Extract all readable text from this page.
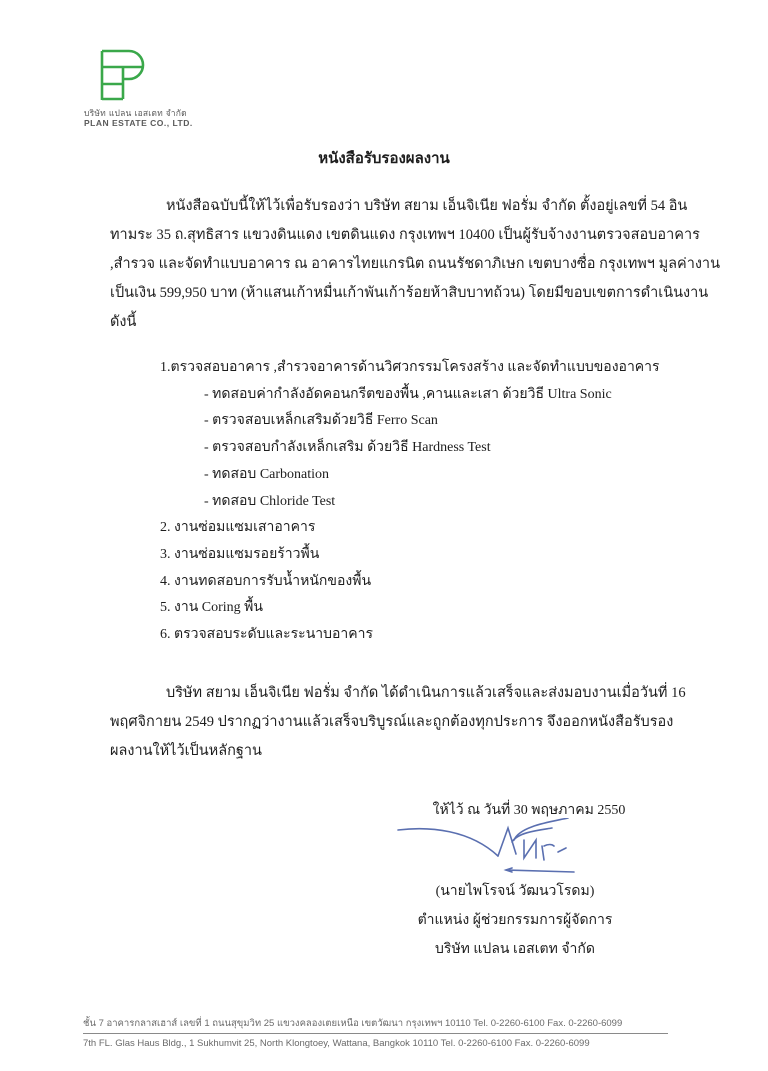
บริษัท แปลน เอสเตท จำกัด
PLAN ESTATE CO., LTD.
หนังสือรับรองผลงาน
หนังสือฉบับนี้ให้ไว้เพื่อรับรองว่า บริษัท สยาม เอ็นจิเนีย ฟอรั่ม จำกัด ตั้งอยู่เลขที่ 54 อิน
ทามระ 35 ถ.สุทธิสาร แขวงดินแดง เขตดินแดง กรุงเทพฯ 10400 เป็นผู้รับจ้างงานตรวจสอบอาคาร
,สำรวจ และจัดทำแบบอาคาร ณ อาคารไทยแกรนิต ถนนรัชดาภิเษก เขตบางซื่อ กรุงเทพฯ มูลค่างาน
เป็นเงิน 599,950 บาท (ห้าแสนเก้าหมื่นเก้าพันเก้าร้อยห้าสิบบาทถ้วน) โดยมีขอบเขตการดำเนินงาน
ดังนี้
1.ตรวจสอบอาคาร ,สำรวจอาคารด้านวิศวกรรมโครงสร้าง และจัดทำแบบของอาคาร
- ทดสอบค่ากำลังอัดคอนกรีตของพื้น ,คานและเสา ด้วยวิธี Ultra Sonic
- ตรวจสอบเหล็กเสริมด้วยวิธี Ferro Scan
- ตรวจสอบกำลังเหล็กเสริม ด้วยวิธี Hardness Test
- ทดสอบ Carbonation
- ทดสอบ Chloride Test
2. งานซ่อมแซมเสาอาคาร
3. งานซ่อมแซมรอยร้าวพื้น
4. งานทดสอบการรับน้ำหนักของพื้น
5. งาน Coring พื้น
6. ตรวจสอบระดับและระนาบอาคาร
บริษัท สยาม เอ็นจิเนีย ฟอรั่ม จำกัด ได้ดำเนินการแล้วเสร็จและส่งมอบงานเมื่อวันที่ 16
พฤศจิกายน 2549 ปรากฏว่างานแล้วเสร็จบริบูรณ์และถูกต้องทุกประการ จึงออกหนังสือรับรอง
ผลงานให้ไว้เป็นหลักฐาน
ให้ไว้ ณ วันที่ 30 พฤษภาคม 2550
(นายไพโรจน์ วัฒนวโรดม)
ตำแหน่ง ผู้ช่วยกรรมการผู้จัดการ
บริษัท แปลน เอสเตท จำกัด
ชั้น 7 อาคารกลาสเฮาส์ เลขที่ 1 ถนนสุขุมวิท 25 แขวงคลองเตยเหนือ เขตวัฒนา กรุงเทพฯ 10110 Tel. 0-2260-6100 Fax. 0-2260-6099
7th FL. Glas Haus Bldg., 1 Sukhumvit 25, North Klongtoey, Wattana, Bangkok 10110 Tel. 0-2260-6100 Fax. 0-2260-6099
